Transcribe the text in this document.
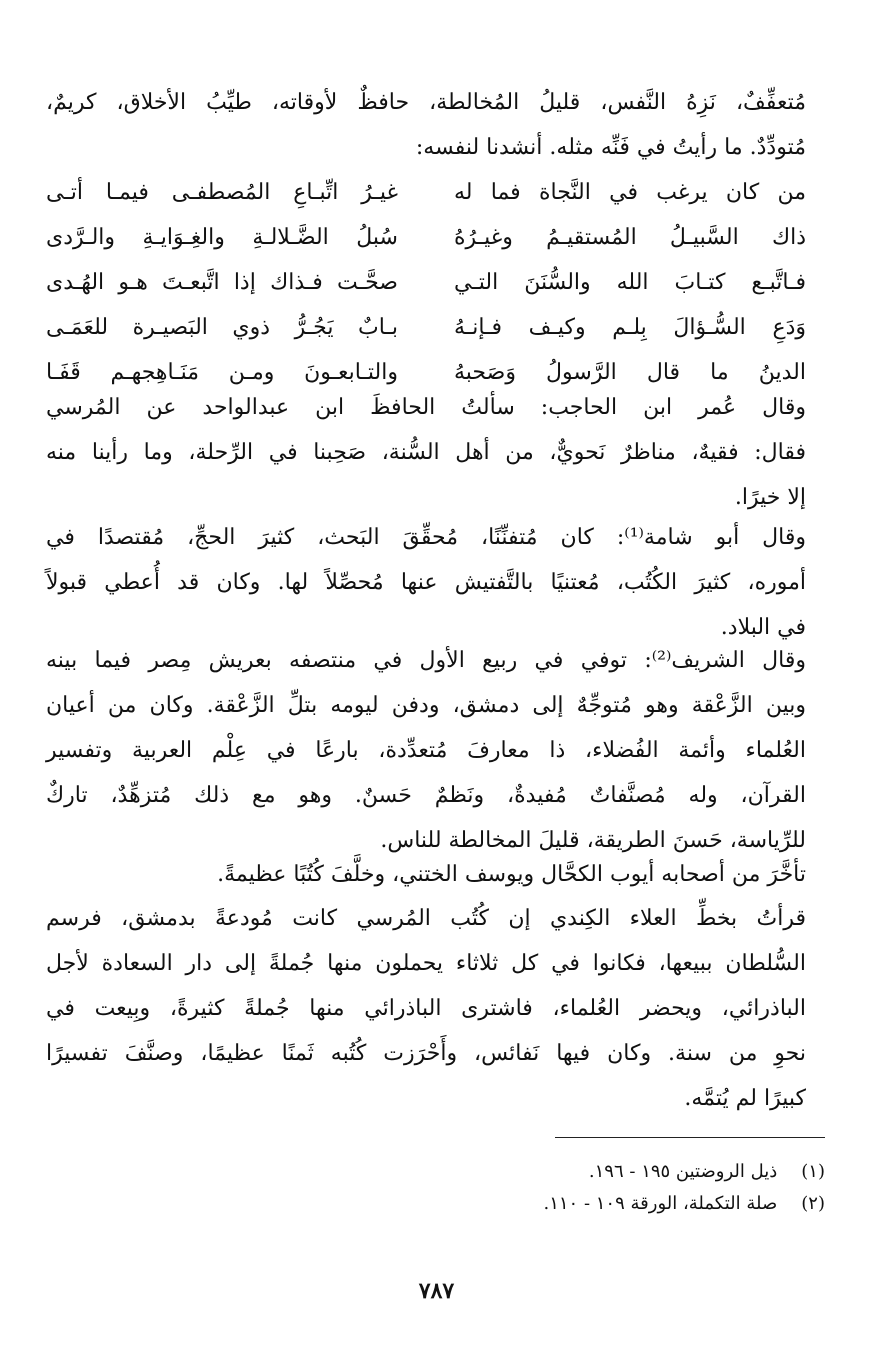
مُتعفِّفٌ، نَزِهُ النَّفس، قليلُ المُخالطة، حافظٌ لأوقاته، طيِّبُ الأخلاق، كريمٌ،
مُتودِّدٌ. ما رأيتُ في فَنِّه مثله. أنشدنا لنفسه:
من كان يرغب في النَّجاة فما له
غيـرُ اتِّبـاعِ المُصطفـى فيمـا أتـى
ذاك السَّبيـلُ المُستقيـمُ وغيـرُهُ
سُبلُ الضَّـلالـةِ والغِـوَايـةِ والـرَّدى
فـاتَّبـع كتـابَ الله والسُّنَنَ التـي
صحَّـت فـذاك إذا اتَّبعـتَ هـو الهُـدى
وَدَعِ السُّـؤالَ بِلـم وكيـف فـإنـهُ
بـابٌ يَجُـرُّ ذوي البَصيـرة للعَمَـى
الدينُ ما قال الرَّسولُ وَصَحبهُ
والتـابعـونَ ومـن مَنَـاهِجهـم قَفَـا
وقال عُمر ابن الحاجب: سألتُ الحافظَ ابن عبدالواحد عن المُرسي
فقال: فقيهٌ، مناظرٌ نَحويٌّ، من أهل السُّنة، صَحِبنا في الرِّحلة، وما رأينا منه
إلا خيرًا.
وقال أبو شامة⁽¹⁾: كان مُتفنِّنًا، مُحقِّقَ البَحث، كثيرَ الحجِّ، مُقتصدًا في
أموره، كثيرَ الكُتُب، مُعتنيًا بالتَّفتيش عنها مُحصِّلاً لها. وكان قد أُعطي قبولاً
في البلاد.
وقال الشريف⁽²⁾: توفي في ربيع الأول في منتصفه بعريش مِصر فيما بينه
وبين الزَّعْقة وهو مُتوجِّهٌ إلى دمشق، ودفن ليومه بتلِّ الزَّعْقة. وكان من أعيان
العُلماء وأئمة الفُضلاء، ذا معارفَ مُتعدِّدة، بارعًا في عِلْم العربية وتفسير
القرآن، وله مُصنَّفاتٌ مُفيدةٌ، ونَظمٌ حَسنٌ. وهو مع ذلك مُتزهِّدٌ، تاركٌ
للرِّياسة، حَسنَ الطريقة، قليلَ المخالطة للناس.
تأخَّرَ من أصحابه أيوب الكحَّال ويوسف الختني، وخلَّفَ كُتُبًا عظيمةً.
قرأتُ بخطِّ العلاء الكِندي إن كُتُب المُرسي كانت مُودعةً بدمشق، فرسم
السُّلطان ببيعها، فكانوا في كل ثلاثاء يحملون منها جُملةً إلى دار السعادة لأجل
الباذرائي، ويحضر العُلماء، فاشترى الباذرائي منها جُملةً كثيرةً، وبِيعت في
نحوِ من سنة. وكان فيها نَفائس، وأَحْرَزت كُتُبه ثَمنًا عظيمًا، وصنَّفَ تفسيرًا
كبيرًا لم يُتمَّه.
(١) ذيل الروضتين ١٩٥ - ١٩٦.
(٢) صلة التكملة، الورقة ١٠٩ - ١١٠.
٧٨٧
